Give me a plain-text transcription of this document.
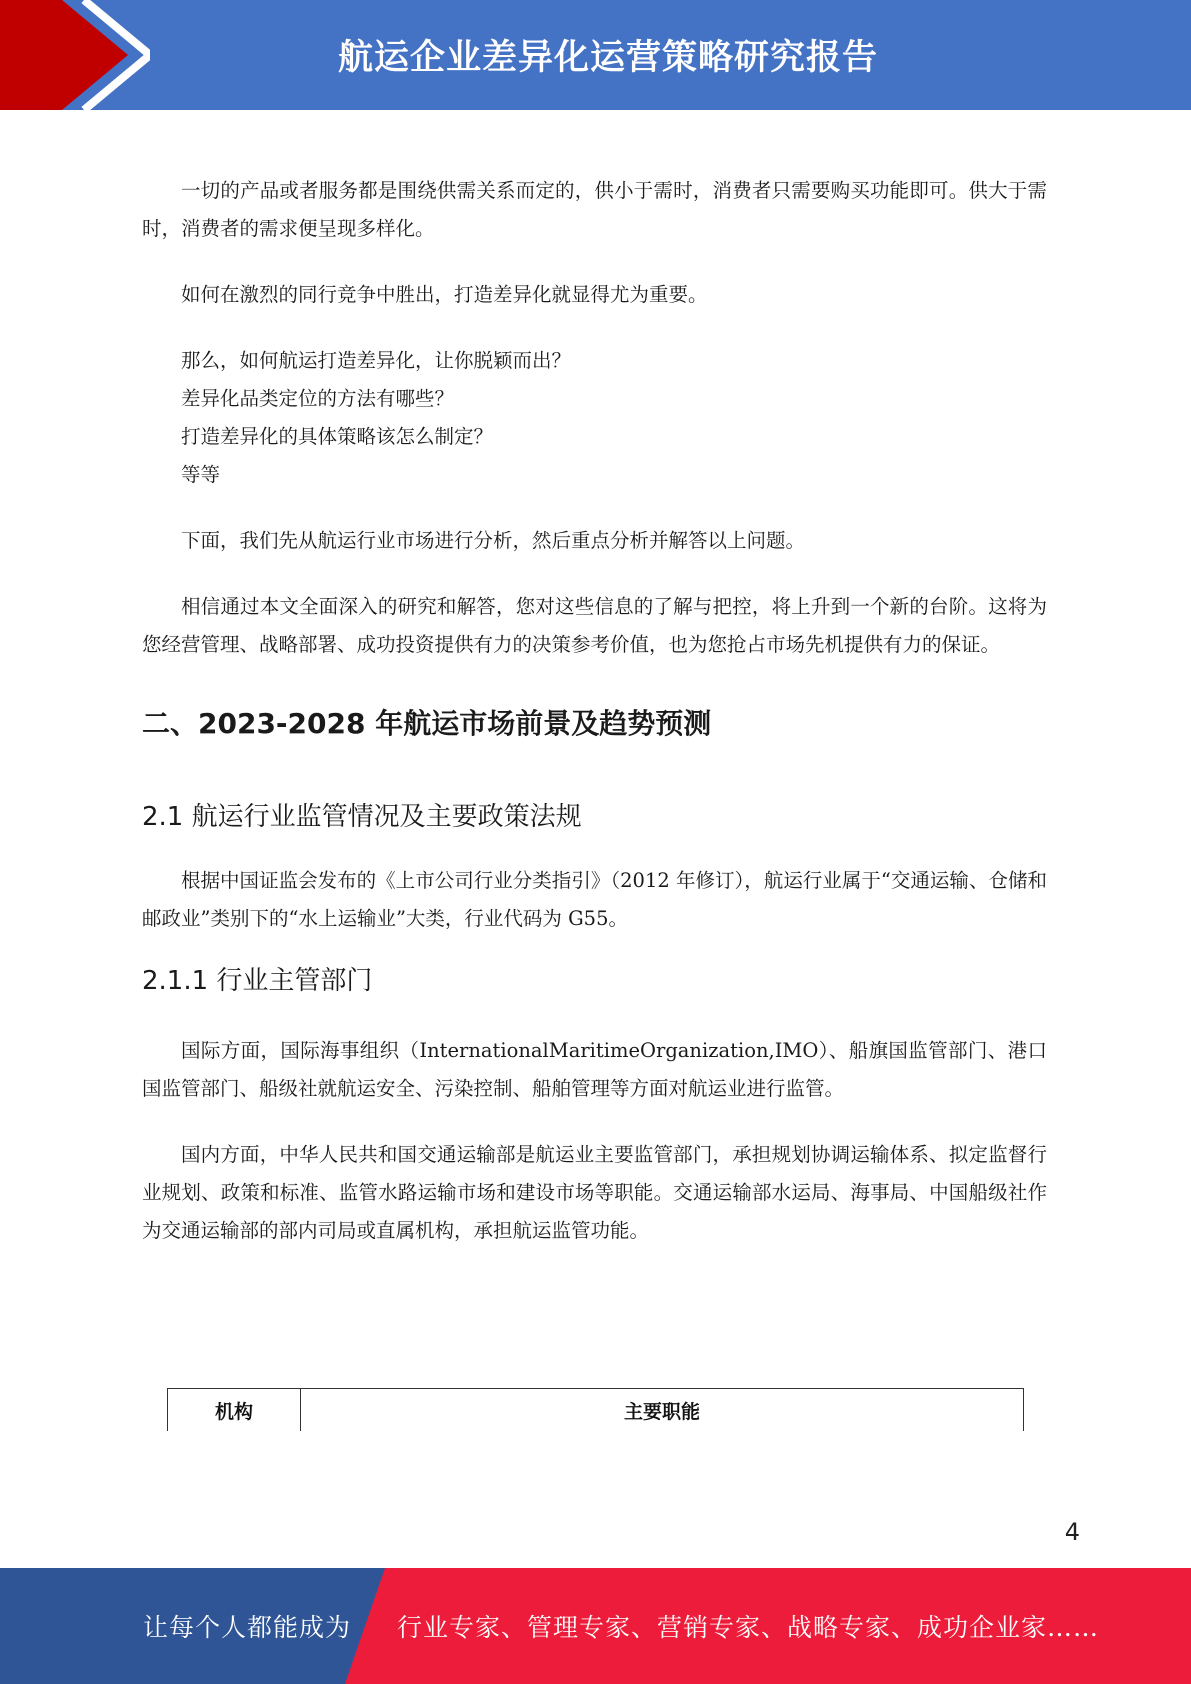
航运企业差异化运营策略研究报告

一切的产品或者服务都是围绕供需关系而定的，供小于需时，消费者只需要购买功能即可。供大于需时，消费者的需求便呈现多样化。

如何在激烈的同行竞争中胜出，打造差异化就显得尤为重要。

那么，如何航运打造差异化，让你脱颖而出？

差异化品类定位的方法有哪些？

打造差异化的具体策略该怎么制定？

等等

下面，我们先从航运行业市场进行分析，然后重点分析并解答以上问题。

相信通过本文全面深入的研究和解答，您对这些信息的了解与把控，将上升到一个新的台阶。这将为您经营管理、战略部署、成功投资提供有力的决策参考价值，也为您抢占市场先机提供有力的保证。

二、2023-2028 年航运市场前景及趋势预测
2.1 航运行业监管情况及主要政策法规

根据中国证监会发布的《上市公司行业分类指引》（2012 年修订），航运行业属于“交通运输、仓储和邮政业”类别下的“水上运输业”大类，行业代码为 G55。

2.1.1 行业主管部门

国际方面，国际海事组织（InternationalMaritimeOrganization,IMO）、船旗国监管部门、港口国监管部门、船级社就航运安全、污染控制、船舶管理等方面对航运业进行监管。

国内方面，中华人民共和国交通运输部是航运业主要监管部门，承担规划协调运输体系、拟定监督行业规划、政策和标准、监管水路运输市场和建设市场等职能。交通运输部水运局、海事局、中国船级社作为交通运输部的部内司局或直属机构，承担航运监管功能。

机构	主要职能
4
让每个人都能成为 行业专家、管理专家、营销专家、战略专家、成功企业家……
